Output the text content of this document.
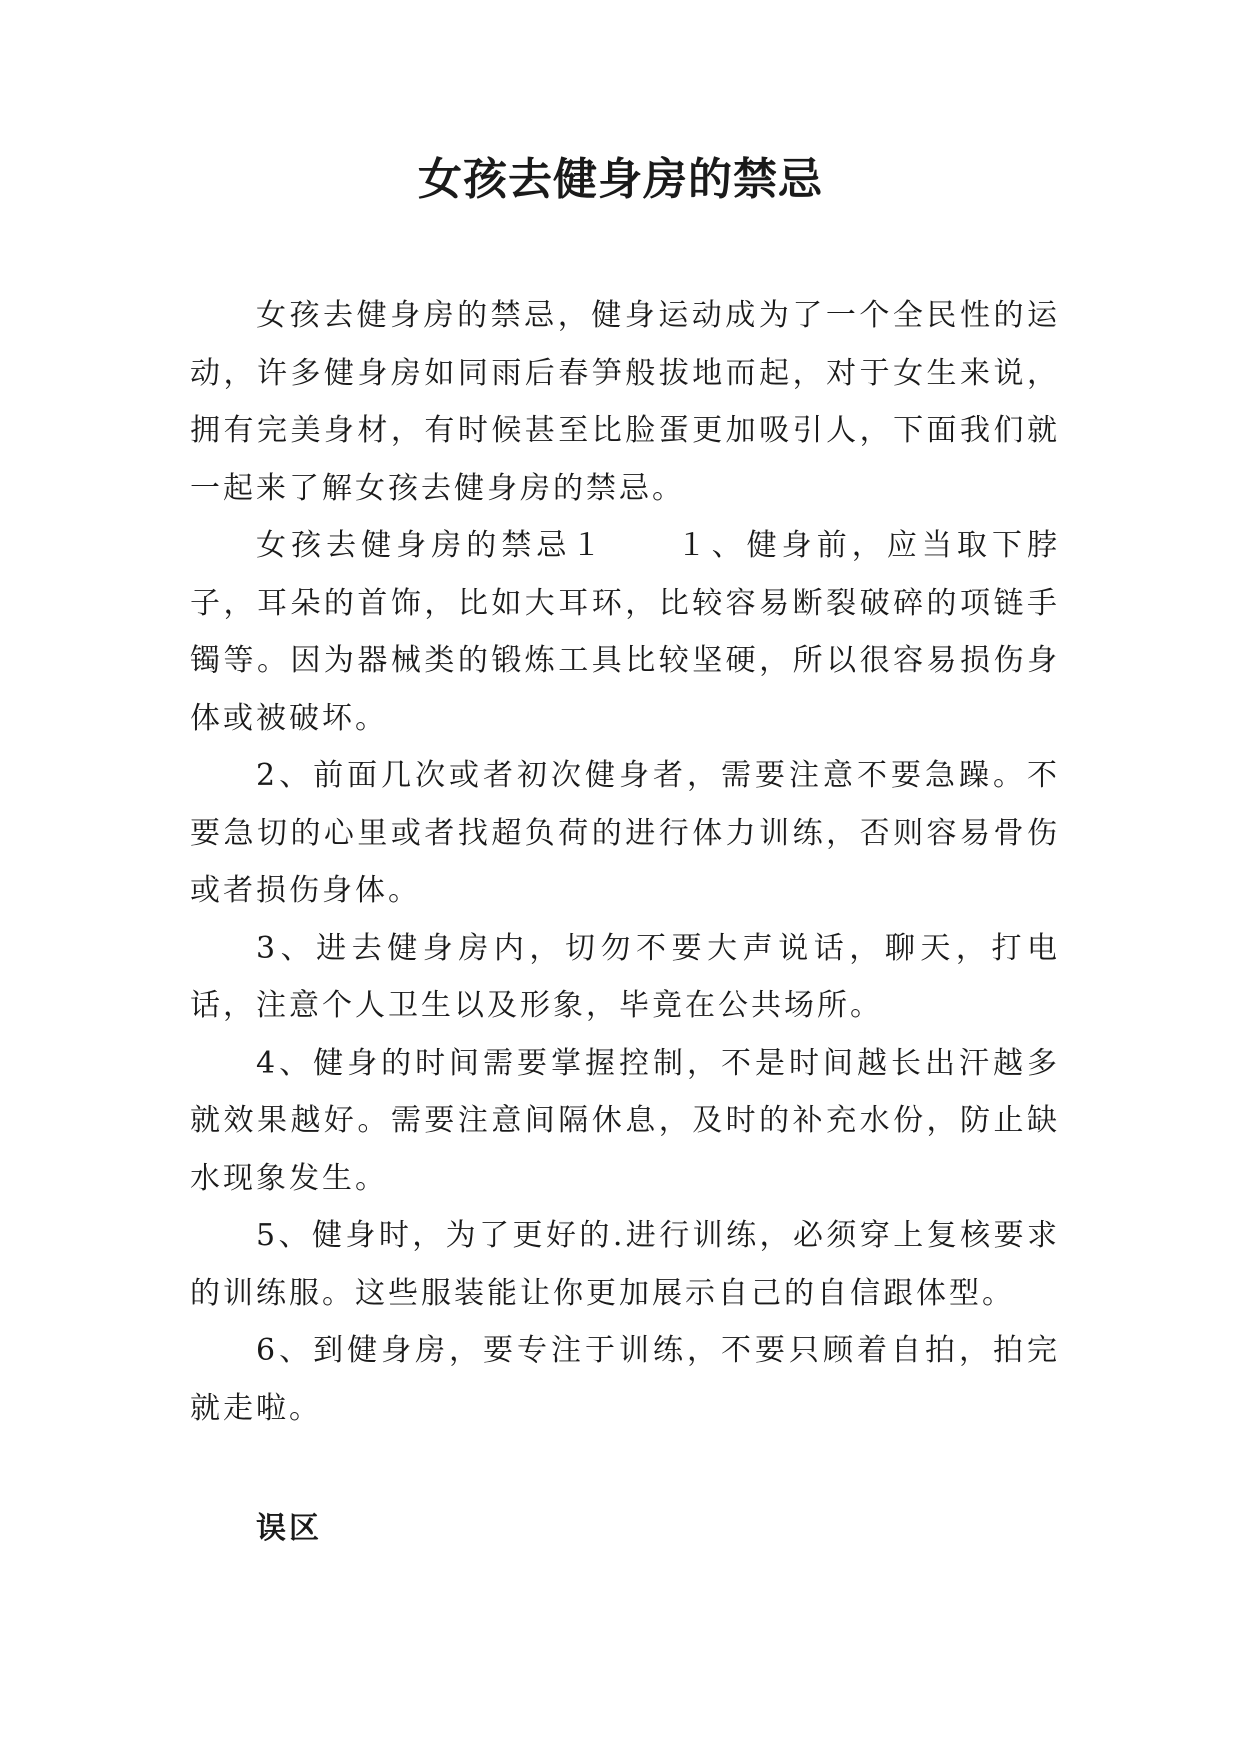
女孩去健身房的禁忌

女孩去健身房的禁忌，健身运动成为了一个全民性的运动，许多健身房如同雨后春笋般拔地而起，对于女生来说，拥有完美身材，有时候甚至比脸蛋更加吸引人，下面我们就一起来了解女孩去健身房的禁忌。

女孩去健身房的禁忌１　　１、健身前，应当取下脖子，耳朵的首饰，比如大耳环，比较容易断裂破碎的项链手镯等。因为器械类的锻炼工具比较坚硬，所以很容易损伤身体或被破坏。

2、前面几次或者初次健身者，需要注意不要急躁。不要急切的心里或者找超负荷的进行体力训练，否则容易骨伤或者损伤身体。

3、进去健身房内，切勿不要大声说话，聊天，打电话，注意个人卫生以及形象，毕竟在公共场所。

4、健身的时间需要掌握控制，不是时间越长出汗越多就效果越好。需要注意间隔休息，及时的补充水份，防止缺水现象发生。

5、健身时，为了更好的.进行训练，必须穿上复核要求的训练服。这些服装能让你更加展示自己的自信跟体型。

6、到健身房，要专注于训练，不要只顾着自拍，拍完就走啦。

误区
